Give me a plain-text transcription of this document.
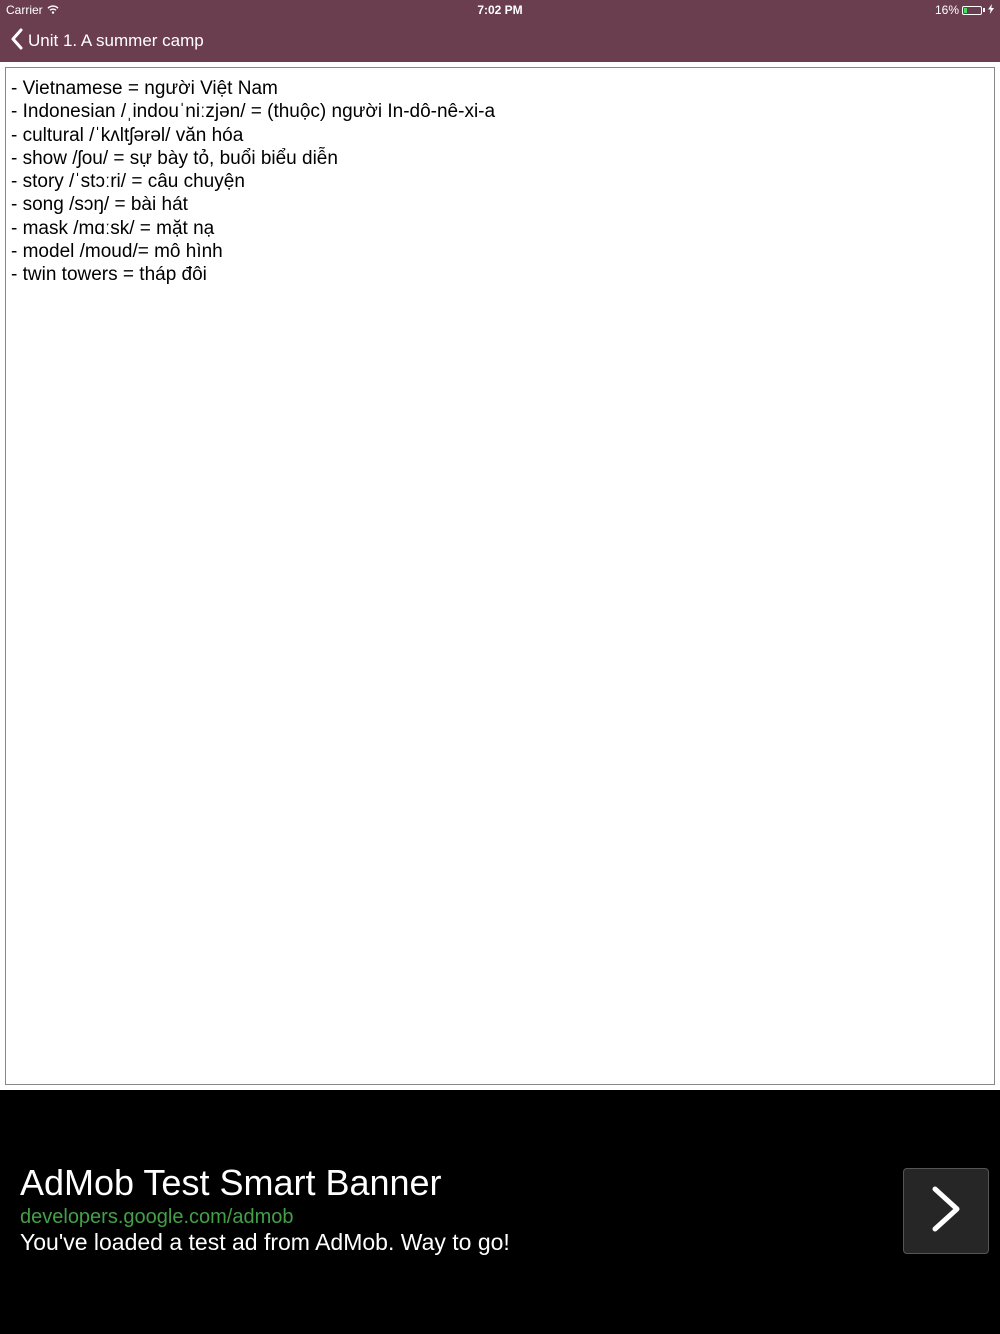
Carrier	7:02 PM	16%
Unit 1. A summer camp
- Vietnamese = người Việt Nam
- Indonesian /ˌindouˈniːzjən/ = (thuộc) người In-dô-nê-xi-a
- cultural /ˈkʌltʃərəl/ văn hóa
- show /ʃou/ = sự bày tỏ, buổi biểu diễn
- story /ˈstɔːri/ = câu chuyện
- song /sɔŋ/ = bài hát
- mask /mɑːsk/ = mặt nạ
- model /moud/= mô hình
- twin towers = tháp đôi
AdMob Test Smart Banner
developers.google.com/admob
You've loaded a test ad from AdMob. Way to go!
